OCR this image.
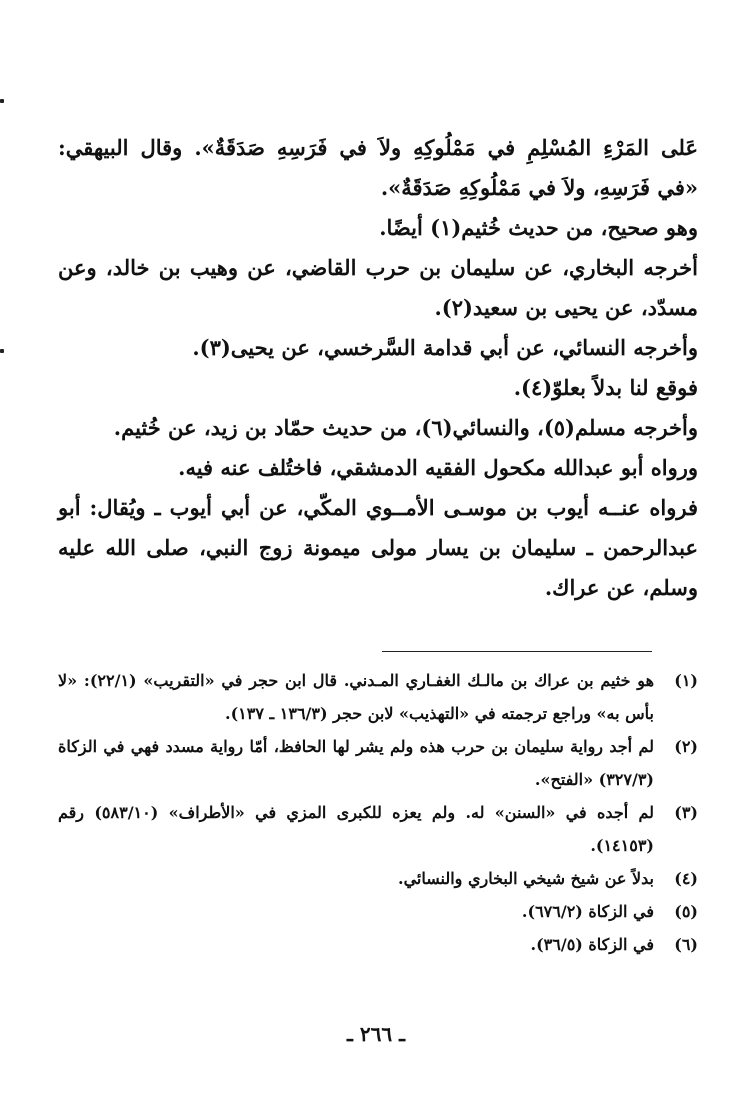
عَلى المَرْءِ المُسْلِمِ في مَمْلُوكِهِ ولاَ في فَرَسِهِ صَدَقَةٌ». وقال البيهقي: «في فَرَسِهِ، ولاَ في مَمْلُوكِهِ صَدَقَةٌ».

وهو صحيح، من حديث خُثيم(١) أيضًا.

أخرجه البخاري، عن سليمان بن حرب القاضي، عن وهيب بن خالد، وعن مسدّد، عن يحيى بن سعيد(٢).

وأخرجه النسائي، عن أبي قدامة السَّرخسي، عن يحيى(٣).

فوقع لنا بدلاً بعلوّ(٤).

وأخرجه مسلم(٥)، والنسائي(٦)، من حديث حمّاد بن زيد، عن خُثيم.

ورواه أبو عبدالله مكحول الفقيه الدمشقي، فاختُلف عنه فيه.

فرواه عنــه أيوب بن موسـى الأمــوي المكّي، عن أبي أيوب ـ ويُقال: أبو عبدالرحمن ـ سليمان بن يسار مولى ميمونة زوج النبي، صلى الله عليه وسلم، عن عراك.

(١)
هو خثيم بن عراك بن مالـك الغفـاري المـدني. قال ابن حجر في «التقريب» (٢٢/١): «لا بأس به» وراجع ترجمته في «التهذيب» لابن حجر (١٣٦/٣ ـ ١٣٧).
(٢)
لم أجد رواية سليمان بن حرب هذه ولم يشر لها الحافظ، أمّا رواية مسدد فهي في الزكاة (٣٢٧/٣) «الفتح».
(٣)
لم أجده في «السنن» له. ولم يعزه للكبرى المزي في «الأطراف» (٥٨٣/١٠) رقم (١٤١٥٣).
(٤)
بدلاً عن شيخ شيخي البخاري والنسائي.
(٥)
في الزكاة (٦٧٦/٢).
(٦)
في الزكاة (٣٦/٥).
ـ ٢٦٦ ـ
